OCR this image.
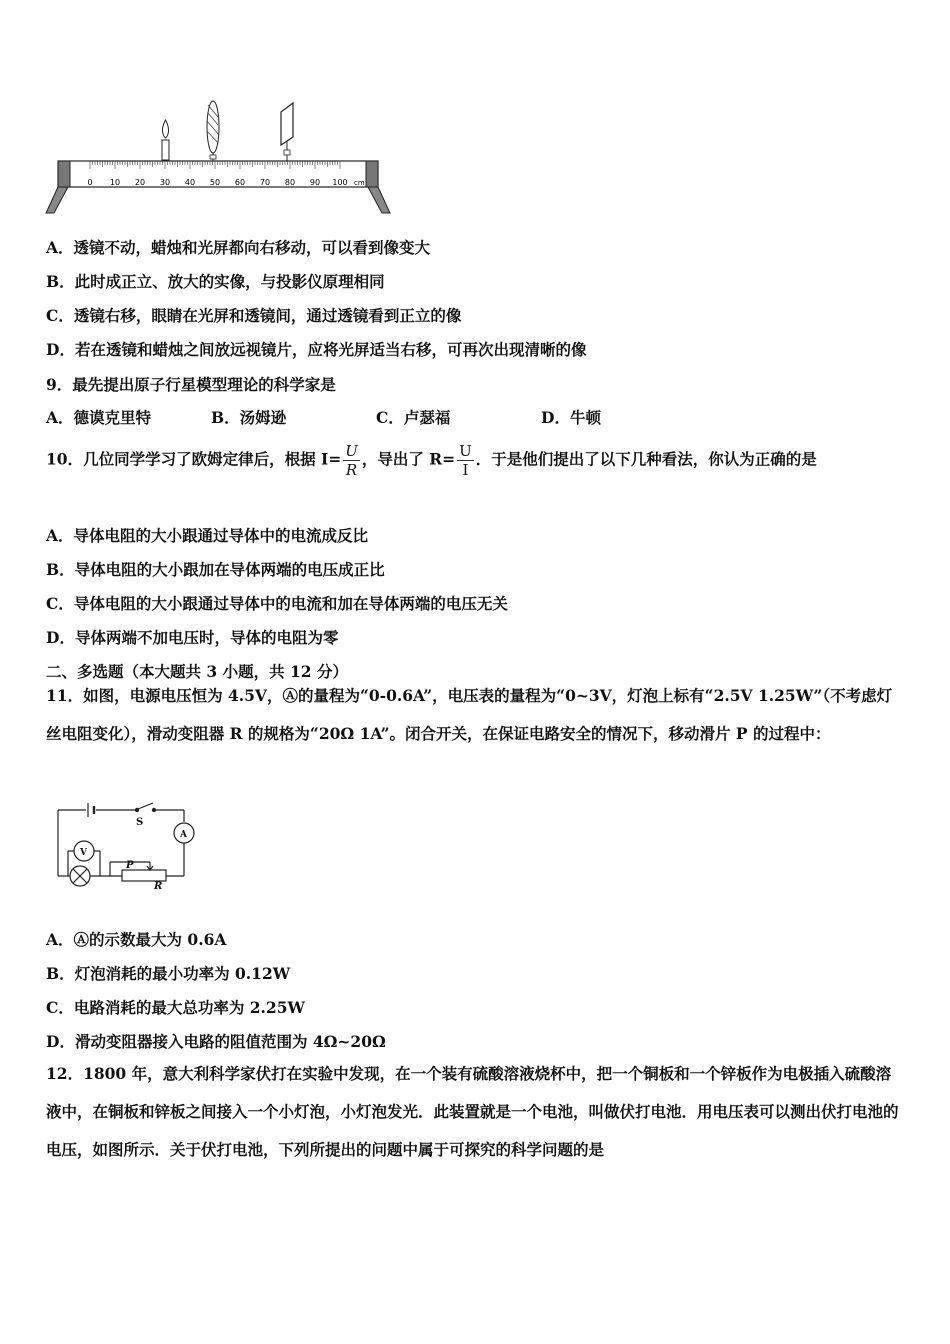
0 10 20 30 40 50 60 70 80 90 100 cm
A．透镜不动，蜡烛和光屏都向右移动，可以看到像变大
B．此时成正立、放大的实像，与投影仪原理相同
C．透镜右移，眼睛在光屏和透镜间，通过透镜看到正立的像
D．若在透镜和蜡烛之间放远视镜片，应将光屏适当右移，可再次出现清晰的像
9．最先提出原子行星模型理论的科学家是
A．德谟克里特	B．汤姆逊	C．卢瑟福	D．牛顿
10．几位同学学习了欧姆定律后，根据 $I= \frac{U}{R}$ ，导出了 $R= \frac{U}{I}$ ．于是他们提出了以下几种看法，你认为正确的是
A．导体电阻的大小跟通过导体中的电流成反比
B．导体电阻的大小跟加在导体两端的电压成正比
C．导体电阻的大小跟通过导体中的电流和加在导体两端的电压无关
D．导体两端不加电压时，导体的电阻为零
二、多选题（本大题共 3 小题，共 12 分）
11．如图，电源电压恒为 4.5V，Ⓐ的量程为“0-0.6A”，电压表的量程为“0~3V，灯泡上标有“2.5V 1.25W”（不考虑灯丝电阻变化），滑动变阻器 R 的规格为“20Ω 1A”。闭合开关，在保证电路安全的情况下，移动滑片 P 的过程中：
S
A
V
P
R
A．Ⓐ的示数最大为 0.6A
B．灯泡消耗的最小功率为 0.12W
C．电路消耗的最大总功率为 2.25W
D．滑动变阻器接入电路的阻值范围为 4Ω~20Ω
12．1800 年，意大利科学家伏打在实验中发现，在一个装有硫酸溶液烧杯中，把一个铜板和一个锌板作为电极插入硫酸溶液中，在铜板和锌板之间接入一个小灯泡，小灯泡发光．此装置就是一个电池，叫做伏打电池．用电压表可以测出伏打电池的电压，如图所示．关于伏打电池，下列所提出的问题中属于可探究的科学问题的是
